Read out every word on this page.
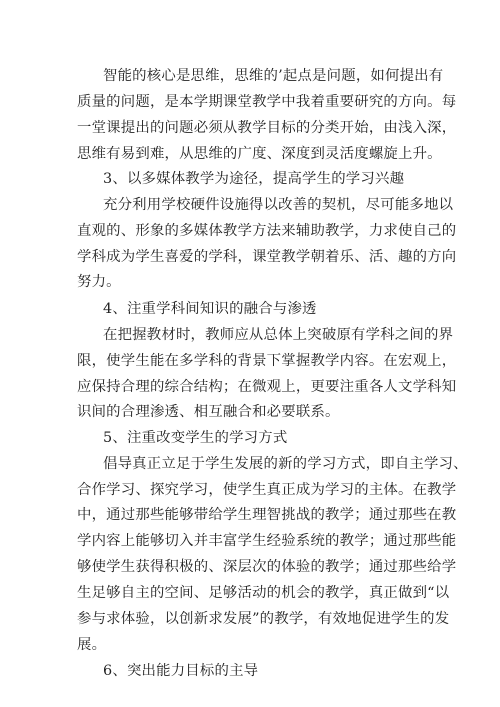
智能的核心是思维，思维的’起点是问题，如何提出有
质量的问题，是本学期课堂教学中我着重要研究的方向。每
一堂课提出的问题必须从教学目标的分类开始，由浅入深，
思维有易到难，从思维的广度、深度到灵活度螺旋上升。
3、以多媒体教学为途径，提高学生的学习兴趣
充分利用学校硬件设施得以改善的契机，尽可能多地以
直观的、形象的多媒体教学方法来辅助教学，力求使自己的
学科成为学生喜爱的学科，课堂教学朝着乐、活、趣的方向
努力。
4、注重学科间知识的融合与渗透
在把握教材时，教师应从总体上突破原有学科之间的界
限，使学生能在多学科的背景下掌握教学内容。在宏观上，
应保持合理的综合结构；在微观上，更要注重各人文学科知
识间的合理渗透、相互融合和必要联系。
5、注重改变学生的学习方式
倡导真正立足于学生发展的新的学习方式，即自主学习、
合作学习、探究学习，使学生真正成为学习的主体。在教学
中，通过那些能够带给学生理智挑战的教学；通过那些在教
学内容上能够切入并丰富学生经验系统的教学；通过那些能
够使学生获得积极的、深层次的体验的教学；通过那些给学
生足够自主的空间、足够活动的机会的教学，真正做到“以
参与求体验，以创新求发展”的教学，有效地促进学生的发
展。
6、突出能力目标的主导
